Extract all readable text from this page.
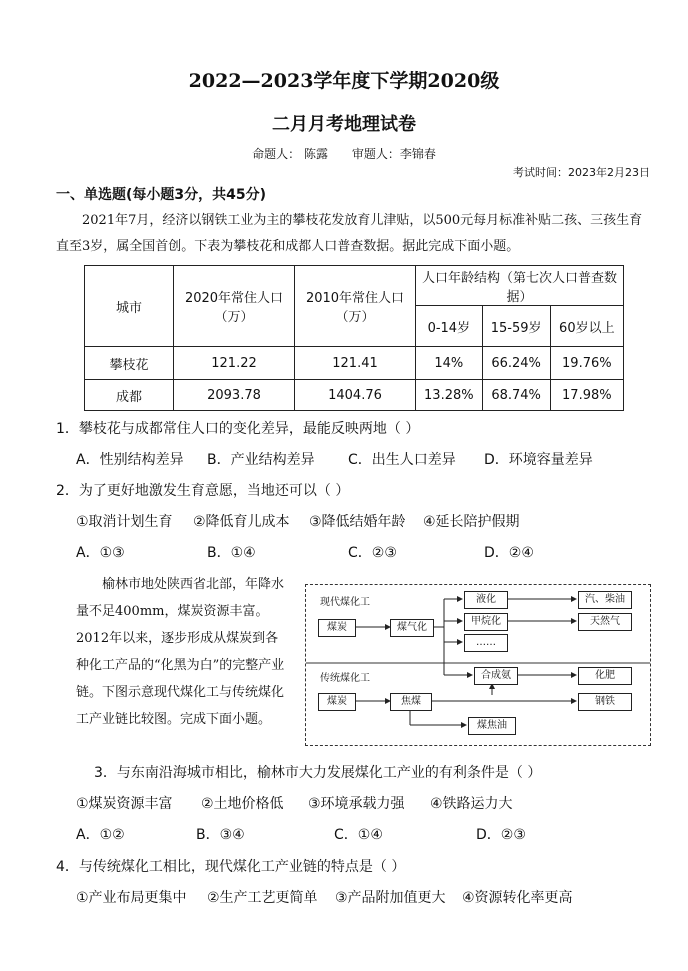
2022—2023学年度下学期2020级
二月月考地理试卷
命题人： 陈露 审题人：李锦春
考试时间：2023年2月23日
一、单选题(每小题3分，共45分)
2021年7月，经济以钢铁工业为主的攀枝花发放育儿津贴，以500元每月标准补贴二孩、三孩生育直至3岁，属全国首创。下表为攀枝花和成都人口普查数据。据此完成下面小题。
城市	2020年常住人口（万）	2010年常住人口（万）	人口年龄结构（第七次人口普查数据）		
			0-14岁	15-59岁	60岁以上
攀枝花	121.22	121.41	14%	66.24%	19.76%
成都	2093.78	1404.76	13.28%	68.74%	17.98%
1．攀枝花与成都常住人口的变化差异，最能反映两地（ ）
A．性别结构差异 B．产业结构差异 C．出生人口差异 D．环境容量差异
2．为了更好地激发生育意愿，当地还可以（ ）
①取消计划生育 ②降低育儿成本 ③降低结婚年龄 ④延长陪护假期
A．①③	B．①④	C．②③	D．②④
榆林市地处陕西省北部，年降水量不足400mm，煤炭资源丰富。2012年以来，逐步形成从煤炭到各种化工产品的“化黑为白”的完整产业链。下图示意现代煤化工与传统煤化工产业链比较图。完成下面小题。
现代煤化工
煤炭	煤气化
液化
甲烷化
……
汽、柴油
天然气
传统煤化工	合成氨	化肥
煤炭	焦煤	钢铁
煤焦油
3．与东南沿海城市相比，榆林市大力发展煤化工产业的有利条件是（ ）
①煤炭资源丰富 ②土地价格低 ③环境承载力强 ④铁路运力大
A．①②	B．③④	C．①④	D．②③
4．与传统煤化工相比，现代煤化工产业链的特点是（ ）
①产业布局更集中 ②生产工艺更简单 ③产品附加值更大 ④资源转化率更高
